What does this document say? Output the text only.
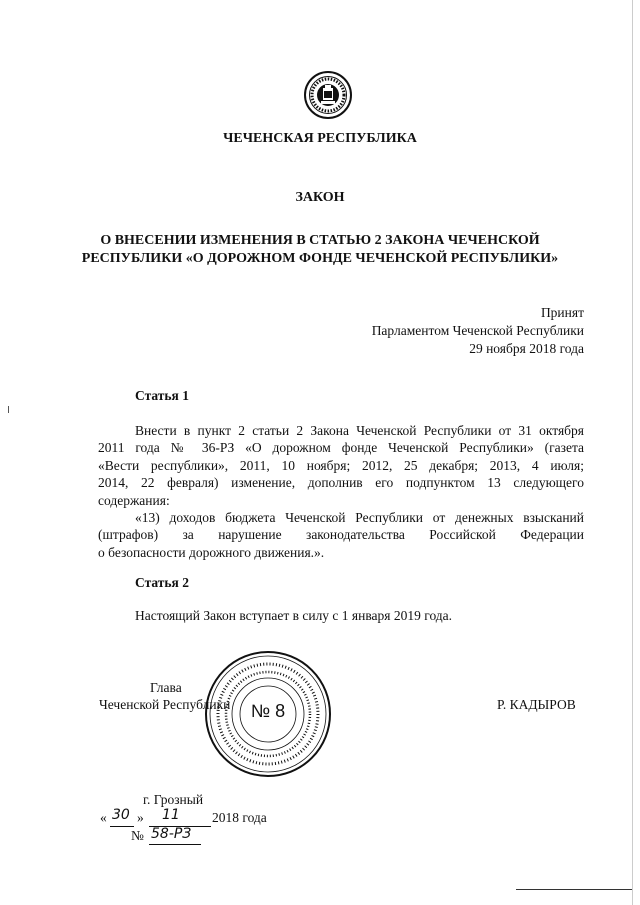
ЧЕЧЕНСКАЯ РЕСПУБЛИКА
ЗАКОН
О ВНЕСЕНИИ ИЗМЕНЕНИЯ В СТАТЬЮ 2 ЗАКОНА ЧЕЧЕНСКОЙ
РЕСПУБЛИКИ «О ДОРОЖНОМ ФОНДЕ ЧЕЧЕНСКОЙ РЕСПУБЛИКИ»
Принят
Парламентом Чеченской Республики
29 ноября 2018 года
Статья 1
Внести в пункт 2 статьи 2 Закона Чеченской Республики от 31 октября
2011 года № 36-РЗ «О дорожном фонде Чеченской Республики» (газета
«Вести республики», 2011, 10 ноября; 2012, 25 декабря; 2013, 4 июля;
2014, 22 февраля) изменение, дополнив его подпунктом 13 следующего
содержания:
«13) доходов бюджета Чеченской Республики от денежных взысканий
(штрафов) за нарушение законодательства Российской Федерации
о безопасности дорожного движения.».
Статья 2
Настоящий Закон вступает в силу с 1 января 2019 года.
Глава
Чеченской Республики	Р. КАДЫРОВ
№ 8
г. Грозный
« 30 » 11 2018 года
№ 58-РЗ
